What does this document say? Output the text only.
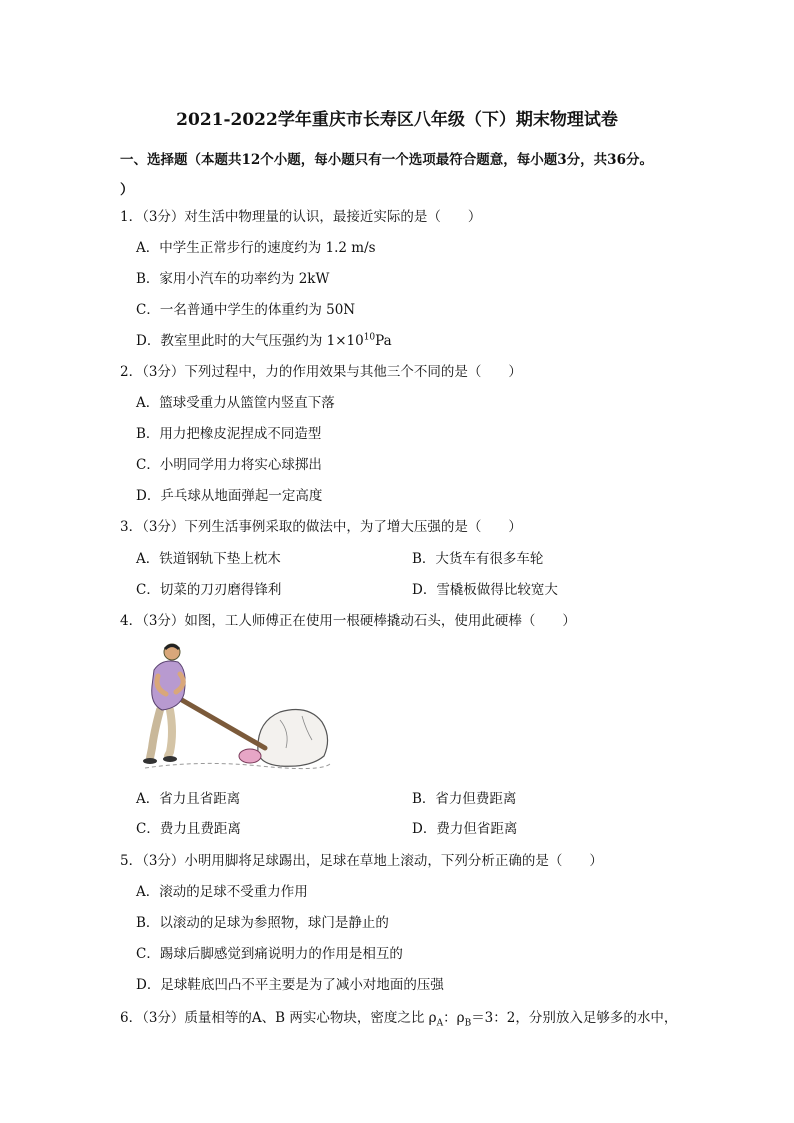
2021-2022学年重庆市长寿区八年级（下）期末物理试卷
一、选择题（本题共12个小题，每小题只有一个选项最符合题意，每小题3分，共36分。
）
1．（3分）对生活中物理量的认识，最接近实际的是（　　）
A．中学生正常步行的速度约为 1.2 m/s
B．家用小汽车的功率约为 2kW
C．一名普通中学生的体重约为 50N
D．教室里此时的大气压强约为 $1\times 10^{10}Pa$
2．（3分）下列过程中，力的作用效果与其他三个不同的是（　　）
A．篮球受重力从篮筐内竖直下落
B．用力把橡皮泥捏成不同造型
C．小明同学用力将实心球掷出
D．乒乓球从地面弹起一定高度
3．（3分）下列生活事例采取的做法中，为了增大压强的是（　　）
A．铁道钢轨下垫上枕木	B．大货车有很多车轮
C．切菜的刀刃磨得锋利	D．雪橇板做得比较宽大
4．（3分）如图，工人师傅正在使用一根硬棒撬动石头，使用此硬棒（　　）
A．省力且省距离	B．省力但费距离
C．费力且费距离	D．费力但省距离
5．（3分）小明用脚将足球踢出，足球在草地上滚动，下列分析正确的是（　　）
A．滚动的足球不受重力作用
B．以滚动的足球为参照物，球门是静止的
C．踢球后脚感觉到痛说明力的作用是相互的
D．足球鞋底凹凸不平主要是为了减小对地面的压强
6．（3分）质量相等的A、B 两实心物块，密度之比 $\rho_A$：$\rho_B=3$：2，分别放入足够多的水中，
